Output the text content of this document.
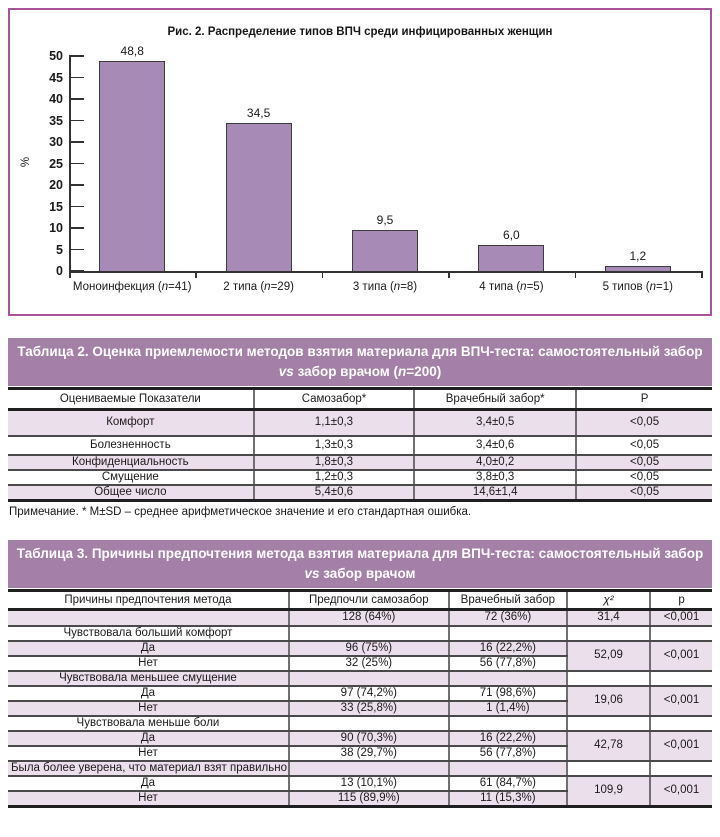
Рис. 2. Распределение типов ВПЧ среди инфицированных женщин
0
5
10
15
20
25
30
35
40
45
50
%
48,8
Моноинфекция (n=41)
34,5
2 типа (n=29)
9,5
3 типа (n=8)
6,0
4 типа (n=5)
1,2
5 типов (n=1)
Таблица 2. Оценка приемлемости методов взятия материала для ВПЧ-теста: самостоятельный забор
vs забор врачом (n=200)
Оцениваемые Показатели	Самозабор*	Врачебный забор*	Р
Комфорт	1,1±0,3	3,4±0,5	<0,05
Болезненность	1,3±0,3	3,4±0,6	<0,05
Конфиденциальность	1,8±0,3	4,0±0,2	<0,05
Смущение	1,2±0,3	3,8±0,3	<0,05
Общее число	5,4±0,6	14,6±1,4	<0,05

Примечание. * M±SD – среднее арифметическое значение и его стандартная ошибка.

Таблица 3. Причины предпочтения метода взятия материала для ВПЧ-теста: самостоятельный забор
vs забор врачом
Причины предпочтения метода	Предпочли самозабор	Врачебный забор	χ²	p
	128 (64%)	72 (36%)	31,4	<0,001
Чувствовала больший комфорт				
Да	96 (75%)	16 (22,2%)	52,09	<0,001
Нет	32 (25%)	56 (77,8%)		
Чувствовала меньшее смущение				
Да	97 (74,2%)	71 (98,6%)	19,06	<0,001
Нет	33 (25,8%)	1 (1,4%)		
Чувствовала меньше боли				
Да	90 (70,3%)	16 (22,2%)	42,78	<0,001
Нет	38 (29,7%)	56 (77,8%)		
Была более уверена, что материал взят правильно				
Да	13 (10,1%)	61 (84,7%)	109,9	<0,001
Нет	115 (89,9%)	11 (15,3%)		
